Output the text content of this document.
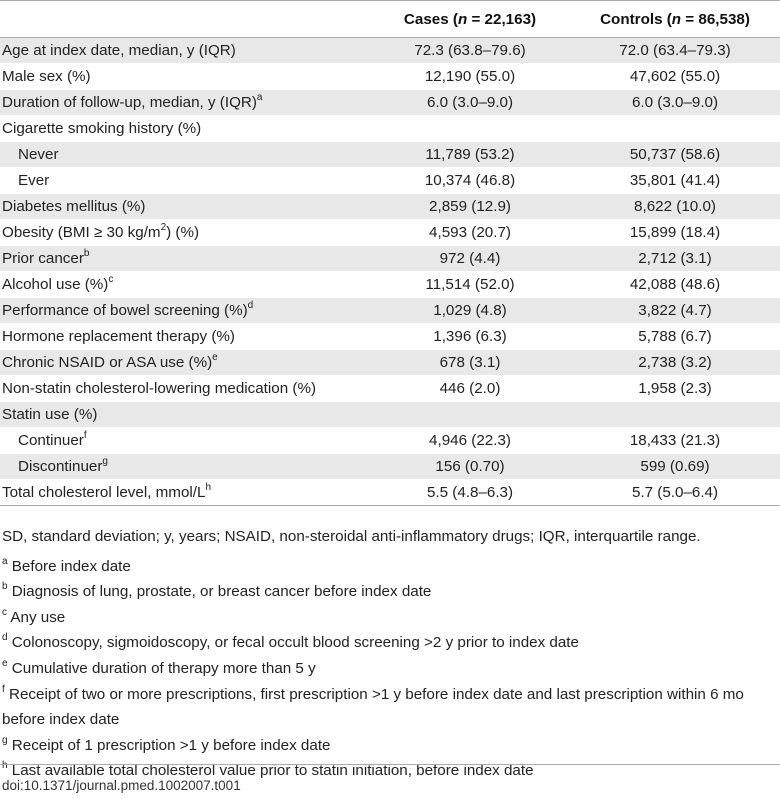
	Cases (n = 22,163)	Controls (n = 86,538)
Age at index date, median, y (IQR)	72.3 (63.8–79.6)	72.0 (63.4–79.3)
Male sex (%)	12,190 (55.0)	47,602 (55.0)
Duration of follow-up, median, y (IQR)$^a$	6.0 (3.0–9.0)	6.0 (3.0–9.0)
Cigarette smoking history (%)		
Never	11,789 (53.2)	50,737 (58.6)
Ever	10,374 (46.8)	35,801 (41.4)
Diabetes mellitus (%)	2,859 (12.9)	8,622 (10.0)
Obesity (BMI ≥ 30 $kg/m^2$) (%)	4,593 (20.7)	15,899 (18.4)
Prior cancer$^b$	972 (4.4)	2,712 (3.1)
Alcohol use (%)$^c$	11,514 (52.0)	42,088 (48.6)
Performance of bowel screening (%)$^d$	1,029 (4.8)	3,822 (4.7)
Hormone replacement therapy (%)	1,396 (6.3)	5,788 (6.7)
Chronic NSAID or ASA use (%)$^e$	678 (3.1)	2,738 (3.2)
Non-statin cholesterol-lowering medication (%)	446 (2.0)	1,958 (2.3)
Statin use (%)		
Continuer$^f$	4,946 (22.3)	18,433 (21.3)
Discontinuer$^g$	156 (0.70)	599 (0.69)
Total cholesterol level, mmol/$L^h$	5.5 (4.8–6.3)	5.7 (5.0–6.4)

SD, standard deviation; y, years; NSAID, non-steroidal anti-inflammatory drugs; IQR, interquartile range.

$^a$ Before index date

$^b$ Diagnosis of lung, prostate, or breast cancer before index date

$^c$ Any use

$^d$ Colonoscopy, sigmoidoscopy, or fecal occult blood screening >2 y prior to index date

$^e$ Cumulative duration of therapy more than 5 y

$^f$ Receipt of two or more prescriptions, first prescription >1 y before index date and last prescription within 6 mo before index date

$^g$ Receipt of 1 prescription >1 y before index date

$^h$ Last available total cholesterol value prior to statin initiation, before index date

doi:10.1371/journal.pmed.1002007.t001
